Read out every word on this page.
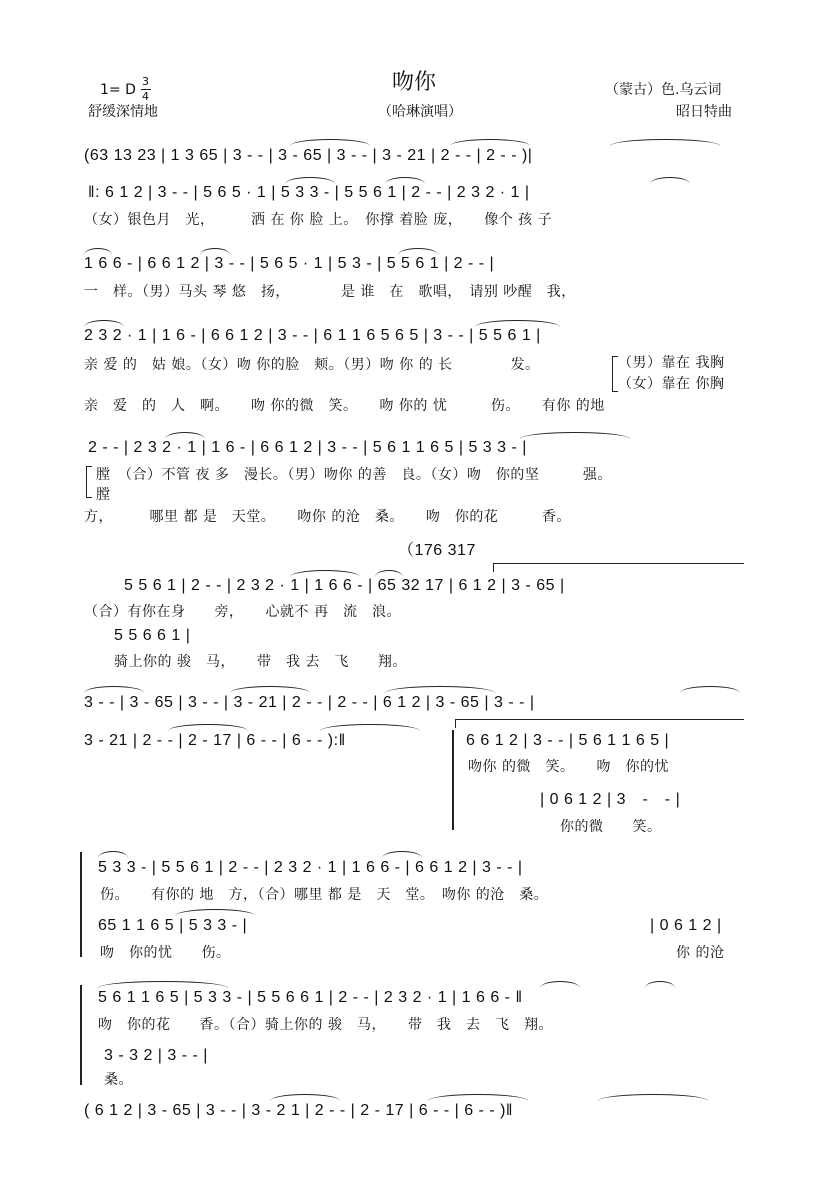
1= D
3
4
吻你	（蒙古）色.乌云词
舒缓深情地	（哈琳演唱）	昭日特曲
(63 13 23 | 1 3 65 | 3 - - | 3 - 65 | 3 - - | 3 - 21 | 2 - - | 2 - - )|
‖: 6 1 2 | 3 - - | 5 6 5 · 1 | 5 3 3 - | 5 5 6 1 | 2 - - | 2 3 2 · 1 |
（女）银色月　光，　　　洒 在 你 脸 上。　你撑 着脸 庞，　　像个 孩 子
1 6 6 - | 6 6 1 2 | 3 - - | 5 6 5 · 1 | 5 3 - | 5 5 6 1 | 2 - - |
一　样。（男）马头 琴 悠　扬，　　　　是 谁　在　歌唱，　请别 吵醒　我，
2 3 2 · 1 | 1 6 - | 6 6 1 2 | 3 - - | 6 1 1 6 5 6 5 | 3 - - | 5 5 6 1 |
亲 爱 的　姑 娘。（女）吻 你的脸　颊。（男）吻 你 的 长　　　　发。	（男）靠在 我胸
（女）靠在 你胸
亲　爱　的　人　啊。　　吻 你的微　笑。　　吻 你的 忧　　　伤。　　有你 的地
2 - - | 2 3 2 · 1 | 1 6 - | 6 6 1 2 | 3 - - | 5 6 1 1 6 5 | 5 3 3 - |
膛　（合）不管 夜 多　漫长。（男）吻你 的善　良。（女）吻　你的坚　　　强。
膛
方，　　　哪里 都 是　天堂。　　吻你 的沧　桑。　　吻　你的花　　　香。
（176 317
5 5 6 1 | 2 - - | 2 3 2 · 1 | 1 6 6 - | 65 32 17 | 6 1 2 | 3 - 65 |
（合）有你在身　　旁，　　心就不 再　流　浪。
5 5 6 6 1 |
骑上你的 骏　马，　　带　我 去　飞　　翔。
3 - - | 3 - 65 | 3 - - | 3 - 21 | 2 - - | 2 - - | 6 1 2 | 3 - 65 | 3 - - |
3 - 21 | 2 - - | 2 - 17 | 6 - - | 6 - - ):‖	6 6 1 2 | 3 - - | 5 6 1 1 6 5 |
吻你 的微　笑。　　吻　你的忧
| 0 6 1 2 | 3　-　- |
你的微　　笑。
5 3 3 - | 5 5 6 1 | 2 - - | 2 3 2 · 1 | 1 6 6 - | 6 6 1 2 | 3 - - |
伤。　　有你的 地　方，（合）哪里 都 是　天　堂。　吻你 的沧　桑。
65 1 1 6 5 | 5 3 3 - |	| 0 6 1 2 |
吻　你的忧　　伤。	你 的沧
5 6 1 1 6 5 | 5 3 3 - | 5 5 6 6 1 | 2 - - | 2 3 2 · 1 | 1 6 6 - ‖
吻　你的花　　香。（合）骑上你的 骏　马，　　带　我　去　飞　翔。
3 - 3 2 | 3 - - |
桑。
( 6 1 2 | 3 - 65 | 3 - - | 3 - 2 1 | 2 - - | 2 - 17 | 6 - - | 6 - - )‖
